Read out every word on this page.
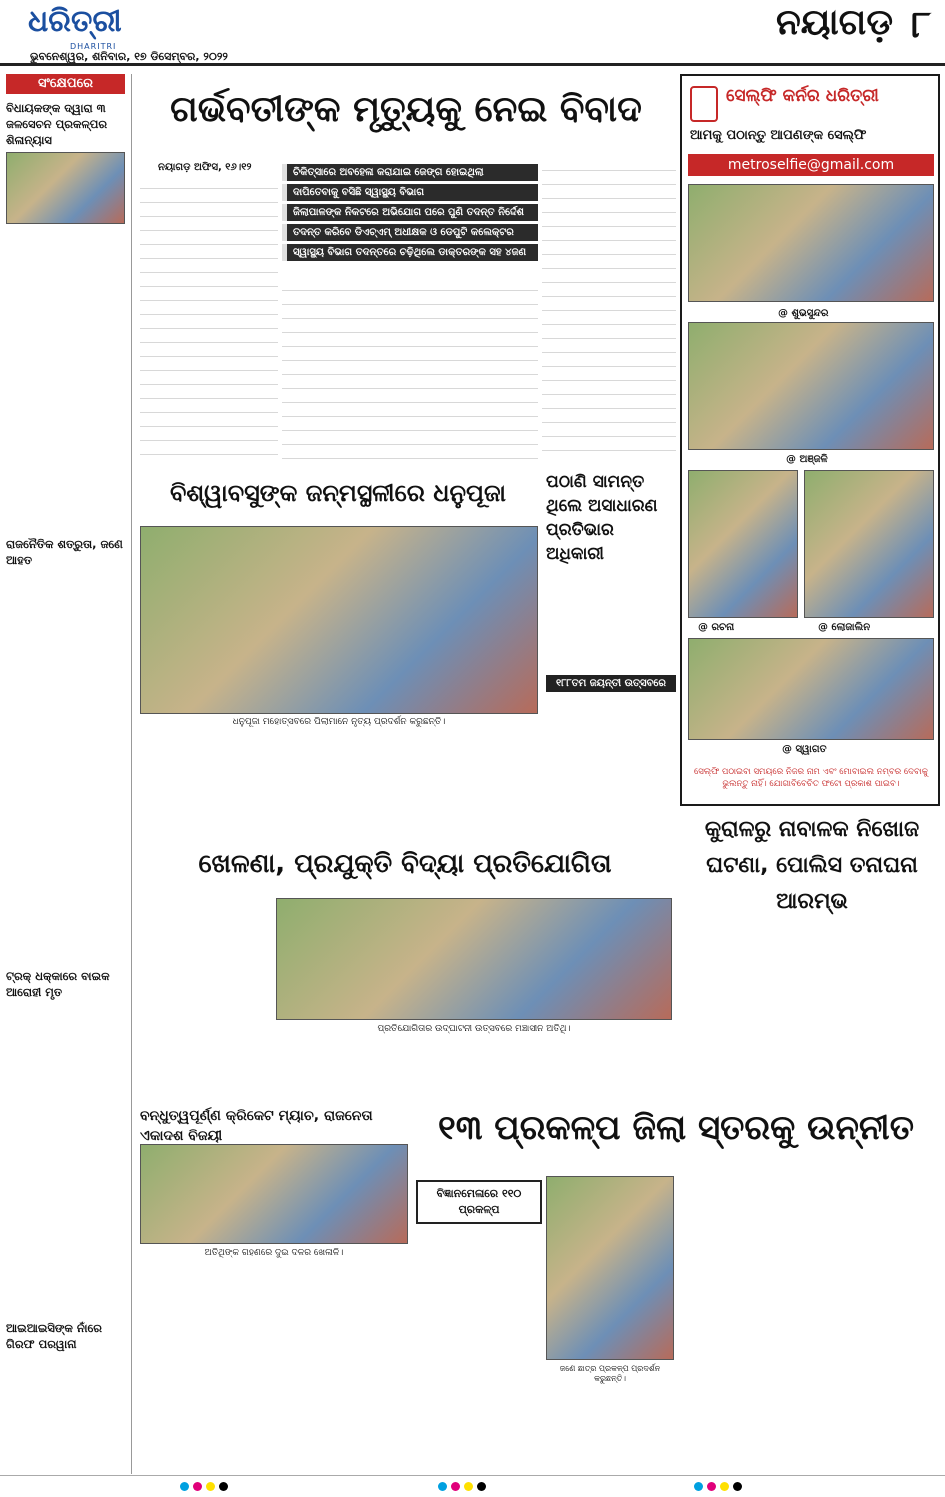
ଧରିତ୍ରୀ
DHARITRI
ଭୁବନେଶ୍ୱର, ଶନିବାର, ୧୭ ଡିସେମ୍ବର, ୨୦୨୨
ନୟାଗଡ଼ ୮
ସଂକ୍ଷେପରେ
ବିଧାୟକଙ୍କ ଦ୍ୱାରା ୩ ଜଳସେଚନ ପ୍ରକଳ୍ପର ଶିଳାନ୍ୟାସ
ରାଜନୈତିକ ଶତ୍ରୁତା, ଜଣେ ଆହତ
ଟ୍ରକ୍ ଧକ୍କାରେ ବାଇକ ଆରୋହୀ ମୃତ
ଆଇଆଇସିଙ୍କ ନାଁରେ ଗିରଫ ପରୱାନା
ଗର୍ଭବତୀଙ୍କ ମୃତ୍ୟୁକୁ ନେଇ ବିବାଦ
ନୟାଗଡ଼ ଅଫିସ, ୧୬।୧୨	ଚିକିତ୍ସାରେ ଅବହେଳା କରାଯାଇ ଜେଙ୍ଗ ହୋଇଥିଲା
ଦାପିତେବାକୁ ବସିଛି ସ୍ୱାସ୍ଥ୍ୟ ବିଭାଗ
ଜିଲାପାଳଙ୍କ ନିକଟରେ ଅଭିଯୋଗ ପରେ ପୁଣି ତଦନ୍ତ ନିର୍ଦ୍ଦେଶ
ତଦନ୍ତ କରିବେ ଡିଏଚ୍ଏମ୍ ଅଧୀକ୍ଷକ ଓ ଡେପୁଟି କଲେକ୍ଟର
ସ୍ୱାସ୍ଥ୍ୟ ବିଭାଗ ତଦନ୍ତରେ ଚଢ଼ିଥିଲେ ଡାକ୍ତରଙ୍କ ସହ ୪ଜଣ
ସେଲ୍ଫି କର୍ନର ଧରିତ୍ରୀ
ଆମକୁ ପଠାନ୍ତୁ ଆପଣଙ୍କ ସେଲ୍ଫି
metroselfie@gmail.com
@ ଶୁଭସୁନ୍ଦର
@ ଅଞ୍ଜଳି
@ ରଚନା	@ ଲୋଜାଲିନ
@ ସ୍ୱାଗତ
ସେଲ୍ଫି ପଠାଇବା ସମୟରେ ନିଜର ନାମ ଏବଂ ମୋବାଇଲ ନମ୍ବର ଦେବାକୁ ଭୁଲନ୍ତୁ ନାହିଁ। ଯୋଗାବିବେଚିତ ଫଟୋ ପ୍ରକାଶ ପାଇବ।
ବିଶ୍ୱାବସୁଙ୍କ ଜନ୍ମସ୍ଥଳୀରେ ଧନୁପୂଜା
ଧନୁପୂଜା ମହୋତ୍ସବରେ ପିଲାମାନେ ନୃତ୍ୟ ପ୍ରଦର୍ଶନ କରୁଛନ୍ତି।
ପଠାଣି ସାମନ୍ତ ଥିଲେ ଅସାଧାରଣ ପ୍ରତିଭାର ଅଧିକାରୀ
୧୮୮ତମ ଜୟନ୍ତୀ ଉତ୍ସବରେ
ଖେଳଣା, ପ୍ରଯୁକ୍ତି ବିଦ୍ୟା ପ୍ରତିଯୋଗିତା
ପ୍ରତିଯୋଗିତାର ଉଦ୍‌ଘାଟନୀ ଉତ୍ସବରେ ମଞ୍ଚାସୀନ ଅତିଥି।
କୁରାଳରୁ ନାବାଳକ ନିଖୋଜ ଘଟଣା, ପୋଲିସ ତନାଘନା ଆରମ୍ଭ
ବନ୍ଧୁତ୍ୱପୂର୍ଣ୍ଣ କ୍ରିକେଟ ମ୍ୟାଚ, ରାଜନେତା ଏକାଦଶ ବିଜୟୀ
ଅତିଥିଙ୍କ ଗହଣରେ ଦୁଇ ଦଳର ଖେଳାଳି।
୧୩ ପ୍ରକଳ୍ପ ଜିଲା ସ୍ତରକୁ ଉନ୍ନୀତ
ବିଜ୍ଞାନମେଳାରେ ୧୧୦ ପ୍ରକଳ୍ପ
ଜଣେ ଛାତ୍ର ପ୍ରକଳ୍ପ ପ୍ରଦର୍ଶନ କରୁଛନ୍ତି।
